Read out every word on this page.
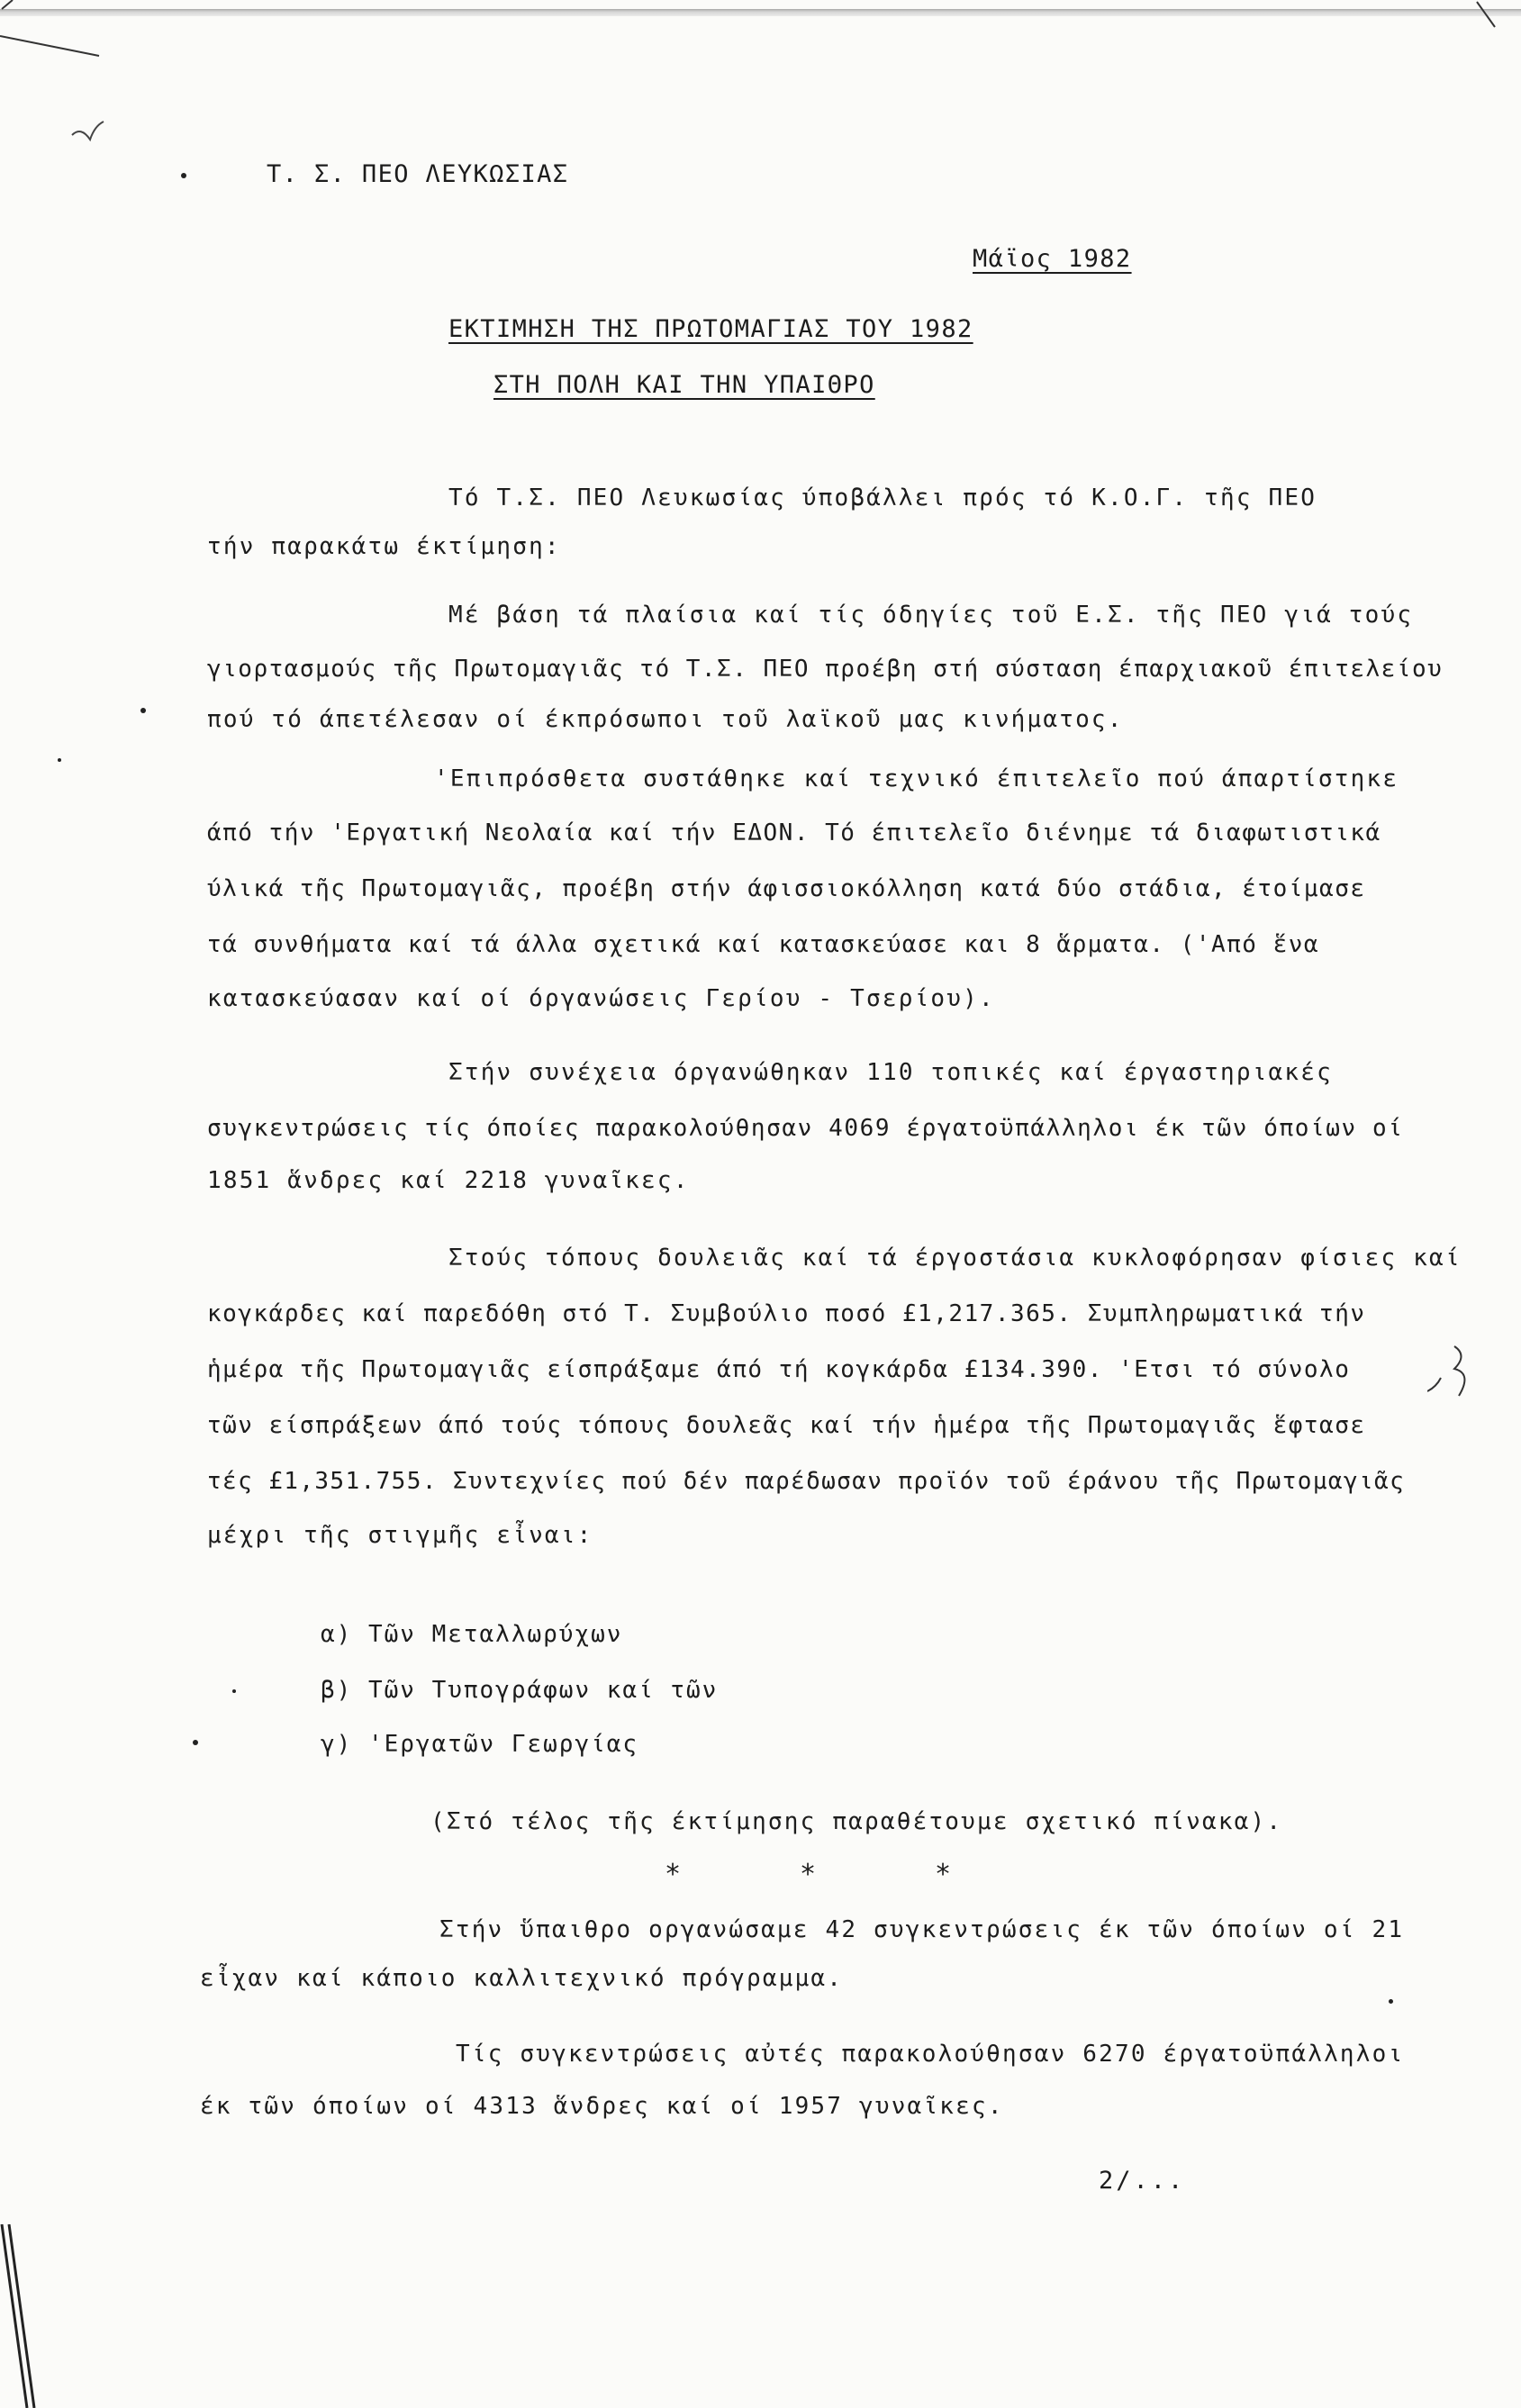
Τ. Σ. ΠΕΟ ΛΕΥΚΩΣΙΑΣ
Μάϊος 1982
ΕΚΤΙΜΗΣΗ ΤΗΣ ΠΡΩΤΟΜΑΓΙΑΣ ΤΟΥ 1982
ΣΤΗ ΠΟΛΗ ΚΑΙ ΤΗΝ ΥΠΑΙΘΡΟ
Τό Τ.Σ. ΠΕΟ Λευκωσίας ύποβάλλει πρός τό Κ.Ο.Γ. τῆς ΠΕΟ
τήν παρακάτω έκτίμηση:
Μέ βάση τά πλαίσια καί τίς όδηγίες τοῦ Ε.Σ. τῆς ΠΕΟ γιά τούς
γιορτασμούς τῆς Πρωτομαγιᾶς τό Τ.Σ. ΠΕΟ προέβη στή σύσταση έπαρχιακοῦ έπιτελείου
πού τό άπετέλεσαν οί έκπρόσωποι τοῦ λαϊκοῦ μας κινήματος.
'Επιπρόσθετα συστάθηκε καί τεχνικό έπιτελεῖο πού άπαρτίστηκε
άπό τήν 'Εργατική Νεολαία καί τήν ΕΔΟΝ. Τό έπιτελεῖο διένημε τά διαφωτιστικά
ύλικά τῆς Πρωτομαγιᾶς, προέβη στήν άφισσιοκόλληση κατά δύο στάδια, έτοίμασε
τά συνθήματα καί τά άλλα σχετικά καί κατασκεύασε και 8 ἅρματα. ('Από ἕνα
κατασκεύασαν καί οί όργανώσεις Γερίου - Τσερίου).
Στήν συνέχεια όργανώθηκαν 110 τοπικές καί έργαστηριακές
συγκεντρώσεις τίς όποίες παρακολούθησαν 4069 έργατοϋπάλληλοι έκ τῶν όποίων οί
1851 ἅνδρες καί 2218 γυναῖκες.
Στούς τόπους δουλειᾶς καί τά έργοστάσια κυκλοφόρησαν φίσιες καί
κογκάρδες καί παρεδόθη στό Τ. Συμβούλιο ποσό £1,217.365. Συμπληρωματικά τήν
ἡμέρα τῆς Πρωτομαγιᾶς είσπράξαμε άπό τή κογκάρδα £134.390. 'Ετσι τό σύνολο
τῶν είσπράξεων άπό τούς τόπους δουλεᾶς καί τήν ἡμέρα τῆς Πρωτομαγιᾶς ἕφτασε
τές £1,351.755. Συντεχνίες πού δέν παρέδωσαν προϊόν τοῦ έράνου τῆς Πρωτομαγιᾶς
μέχρι τῆς στιγμῆς εἶναι:
α) Τῶν Μεταλλωρύχων
β) Τῶν Τυπογράφων καί τῶν
γ) 'Εργατῶν Γεωργίας
(Στό τέλος τῆς έκτίμησης παραθέτουμε σχετικό πίνακα).
*	*	*
Στήν ὕπαιθρο οργανώσαμε 42 συγκεντρώσεις έκ τῶν όποίων οί 21
εἶχαν καί κάποιο καλλιτεχνικό πρόγραμμα.
Τίς συγκεντρώσεις αὐτές παρακολούθησαν 6270 έργατοϋπάλληλοι
έκ τῶν όποίων οί 4313 ἅνδρες καί οί 1957 γυναῖκες.
2/...
